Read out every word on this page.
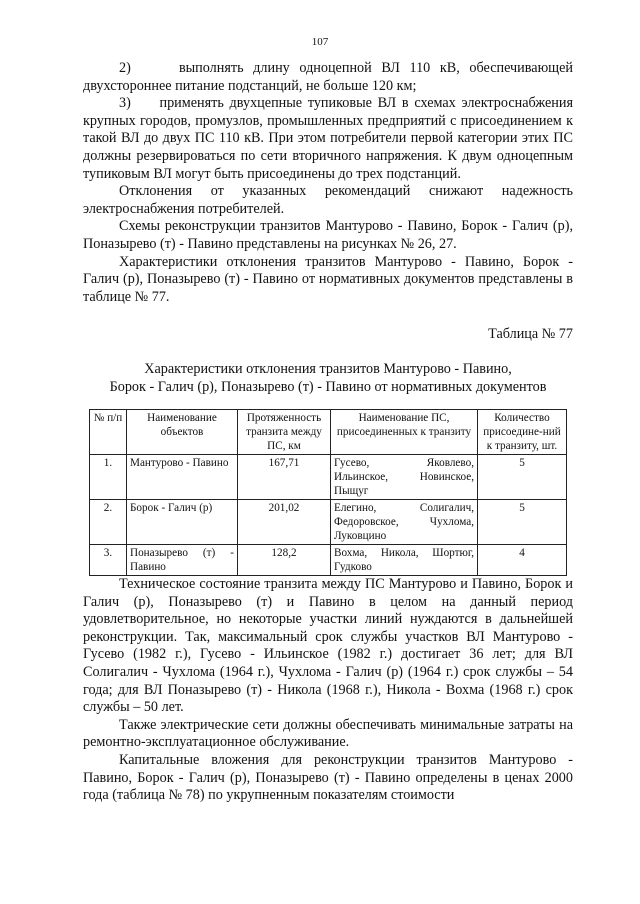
107

2)     выполнять длину одноцепной ВЛ 110 кВ, обеспечивающей двухстороннее питание подстанций, не больше 120 км;

3)     применять двухцепные тупиковые ВЛ в схемах электроснабжения крупных городов, промузлов, промышленных предприятий с присоединением к такой ВЛ до двух ПС 110 кВ. При этом потребители первой категории этих ПС должны резервироваться по сети вторичного напряжения. К двум одноцепным тупиковым ВЛ могут быть присоединены до трех подстанций.

Отклонения от указанных рекомендаций снижают надежность электроснабжения потребителей.

Схемы реконструкции транзитов Мантурово - Павино, Борок - Галич (р), Поназырево (т) - Павино представлены на рисунках № 26, 27.

Характеристики отклонения транзитов Мантурово - Павино, Борок - Галич (р), Поназырево (т) - Павино от нормативных документов представлены в таблице № 77.

Таблица № 77

Характеристики отклонения транзитов Мантурово - Павино,
Борок - Галич (р), Поназырево (т) - Павино от нормативных документов

№ п/п	Наименование объектов	Протяженность транзита между ПС, км	Наименование ПС, присоединенных к транзиту	Количество присоедине-ний к транзиту, шт.
1.	Мантурово - Павино	167,71	Гусево, Яковлево, Ильинское, Новинское, Пыщуг	5
2.	Борок - Галич (р)	201,02	Елегино, Солигалич, Федоровское, Чухлома, Луковцино	5
3.	Поназырево (т) - Павино	128,2	Вохма, Никола, Шортюг, Гудково	4

Техническое состояние транзита между ПС Мантурово и Павино, Борок и Галич (р), Поназырево (т) и Павино в целом на данный период удовлетворительное, но некоторые участки линий нуждаются в дальнейшей реконструкции. Так, максимальный срок службы участков ВЛ Мантурово - Гусево (1982 г.), Гусево - Ильинское (1982 г.) достигает 36 лет; для ВЛ Солигалич - Чухлома (1964 г.), Чухлома - Галич (р) (1964 г.) срок службы – 54 года; для ВЛ Поназырево (т) - Никола (1968 г.), Никола - Вохма (1968 г.) срок службы – 50 лет.

Также электрические сети должны обеспечивать минимальные затраты на ремонтно-эксплуатационное обслуживание.

Капитальные вложения для реконструкции транзитов Мантурово - Павино, Борок - Галич (р), Поназырево (т) - Павино определены в ценах 2000 года (таблица № 78) по укрупненным показателям стоимости
